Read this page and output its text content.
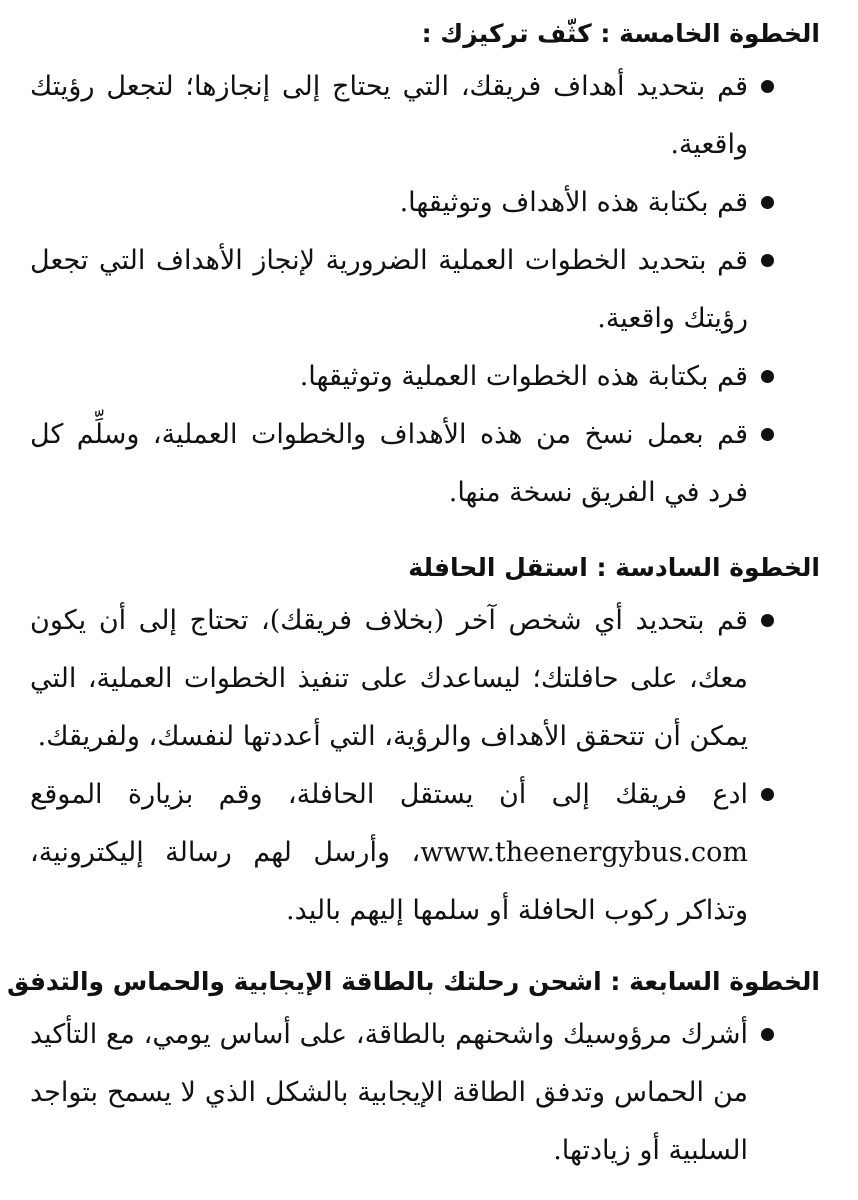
الخطوة الخامسة : كثّف تركيزك :
قم بتحديد أهداف فريقك، التي يحتاج إلى إنجازها؛ لتجعل رؤيتك واقعية.
قم بكتابة هذه الأهداف وتوثيقها.
قم بتحديد الخطوات العملية الضرورية لإنجاز الأهداف التي تجعل رؤيتك واقعية.
قم بكتابة هذه الخطوات العملية وتوثيقها.
قم بعمل نسخ من هذه الأهداف والخطوات العملية، وسلِّم كل فرد في الفريق نسخة منها.
الخطوة السادسة : استقل الحافلة
قم بتحديد أي شخص آخر (بخلاف فريقك)، تحتاج إلى أن يكون معك، على حافلتك؛ ليساعدك على تنفيذ الخطوات العملية، التي يمكن أن تتحقق الأهداف والرؤية، التي أعددتها لنفسك، ولفريقك.
ادع فريقك إلى أن يستقل الحافلة، وقم بزيارة الموقع www.theenergybus.com، وأرسل لهم رسالة إليكترونية، وتذاكر ركوب الحافلة أو سلمها إليهم باليد.
الخطوة السابعة : اشحن رحلتك بالطاقة الإيجابية والحماس والتدفق
أشرك مرؤوسيك واشحنهم بالطاقة، على أساس يومي، مع التأكيد من الحماس وتدفق الطاقة الإيجابية بالشكل الذي لا يسمح بتواجد السلبية أو زيادتها.
